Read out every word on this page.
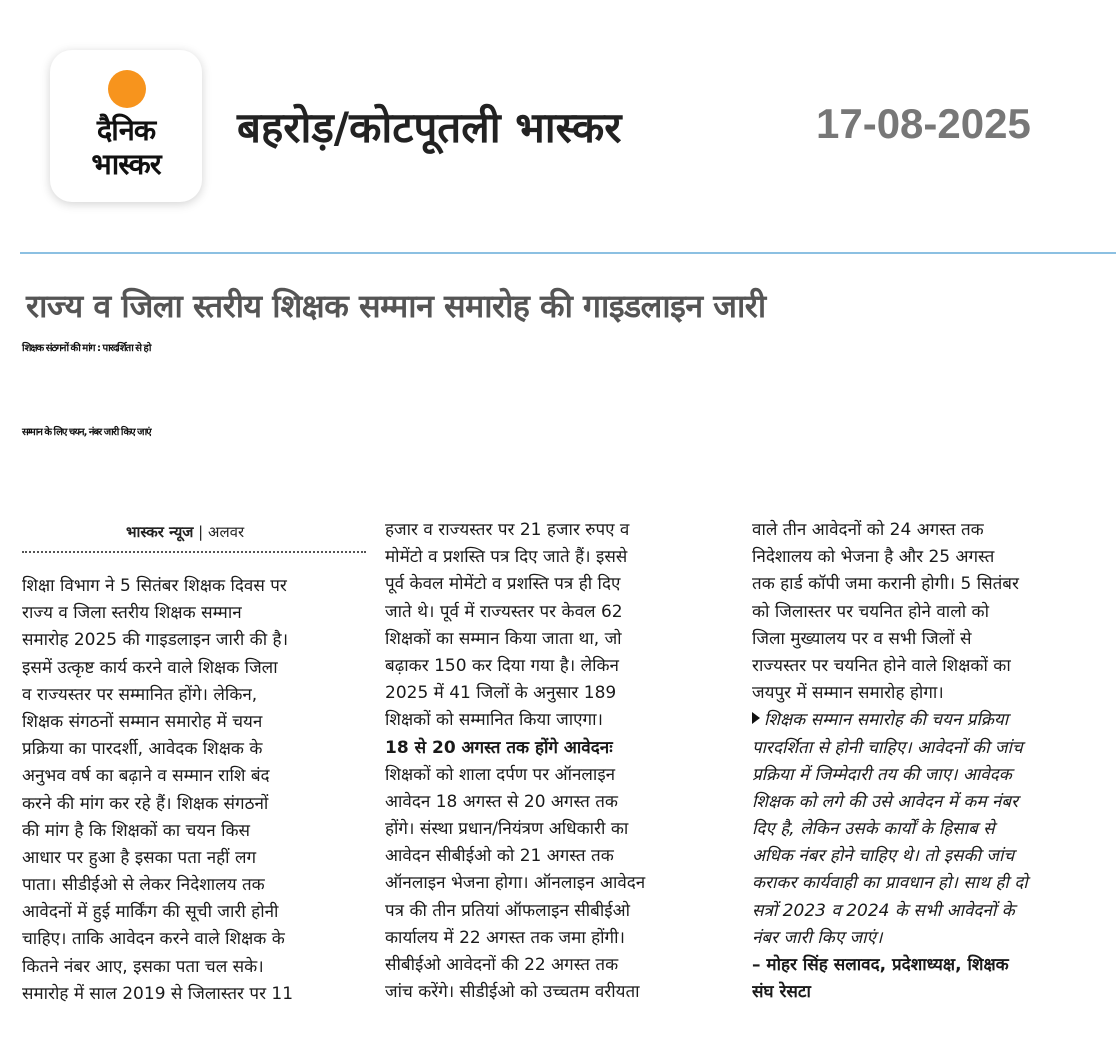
दैनिक
भास्कर
बहरोड़/कोटपूतली भास्कर	17-08-2025
राज्य व जिला स्तरीय शिक्षक सम्मान समारोह की गाइडलाइन जारी
शिक्षक संठगनों की मांग : पारदर्शिता से हो
सम्मान के लिए चयन, नंबर जारी किए जाएं
भास्कर न्यूज | अलवर
शिक्षा विभाग ने 5 सितंबर शिक्षक दिवस पर
राज्य व जिला स्तरीय शिक्षक सम्मान
समारोह 2025 की गाइडलाइन जारी की है।
इसमें उत्कृष्ट कार्य करने वाले शिक्षक जिला
व राज्यस्तर पर सम्मानित होंगे। लेकिन,
शिक्षक संगठनों सम्मान समारोह में चयन
प्रक्रिया का पारदर्शी, आवेदक शिक्षक के
अनुभव वर्ष का बढ़ाने व सम्मान राशि बंद
करने की मांग कर रहे हैं। शिक्षक संगठनों
की मांग है कि शिक्षकों का चयन किस
आधार पर हुआ है इसका पता नहीं लग
पाता। सीडीईओ से लेकर निदेशालय तक
आवेदनों में हुई मार्किंग की सूची जारी होनी
चाहिए। ताकि आवेदन करने वाले शिक्षक के
कितने नंबर आए, इसका पता चल सके।
समारोह में साल 2019 से जिलास्तर पर 11
हजार व राज्यस्तर पर 21 हजार रुपए व
मोमेंटो व प्रशस्ति पत्र दिए जाते हैं। इससे
पूर्व केवल मोमेंटो व प्रशस्ति पत्र ही दिए
जाते थे। पूर्व में राज्यस्तर पर केवल 62
शिक्षकों का सम्मान किया जाता था, जो
बढ़ाकर 150 कर दिया गया है। लेकिन
2025 में 41 जिलों के अनुसार 189
शिक्षकों को सम्मानित किया जाएगा।
18 से 20 अगस्त तक होंगे आवेदनः
शिक्षकों को शाला दर्पण पर ऑनलाइन
आवेदन 18 अगस्त से 20 अगस्त तक
होंगे। संस्था प्रधान/नियंत्रण अधिकारी का
आवेदन सीबीईओ को 21 अगस्त तक
ऑनलाइन भेजना होगा। ऑनलाइन आवेदन
पत्र की तीन प्रतियां ऑफलाइन सीबीईओ
कार्यालय में 22 अगस्त तक जमा होंगी।
सीबीईओ आवेदनों की 22 अगस्त तक
जांच करेंगे। सीडीईओ को उच्चतम वरीयता
वाले तीन आवेदनों को 24 अगस्त तक
निदेशालय को भेजना है और 25 अगस्त
तक हार्ड कॉपी जमा करानी होगी। 5 सितंबर
को जिलास्तर पर चयनित होने वालो को
जिला मुख्यालय पर व सभी जिलों से
राज्यस्तर पर चयनित होने वाले शिक्षकों का
जयपुर में सम्मान समारोह होगा।
शिक्षक सम्मान समारोह की चयन प्रक्रिया
पारदर्शिता से होनी चाहिए। आवेदनों की जांच
प्रक्रिया में जिम्मेदारी तय की जाए। आवेदक
शिक्षक को लगे की उसे आवेदन में कम नंबर
दिए है, लेकिन उसके कार्यों के हिसाब से
अधिक नंबर होने चाहिए थे। तो इसकी जांच
कराकर कार्यवाही का प्रावधान हो। साथ ही दो
सत्रों 2023 व 2024 के सभी आवेदनों के
नंबर जारी किए जाएं।
– मोहर सिंह सलावद, प्रदेशाध्यक्ष, शिक्षक
संघ रेसटा
